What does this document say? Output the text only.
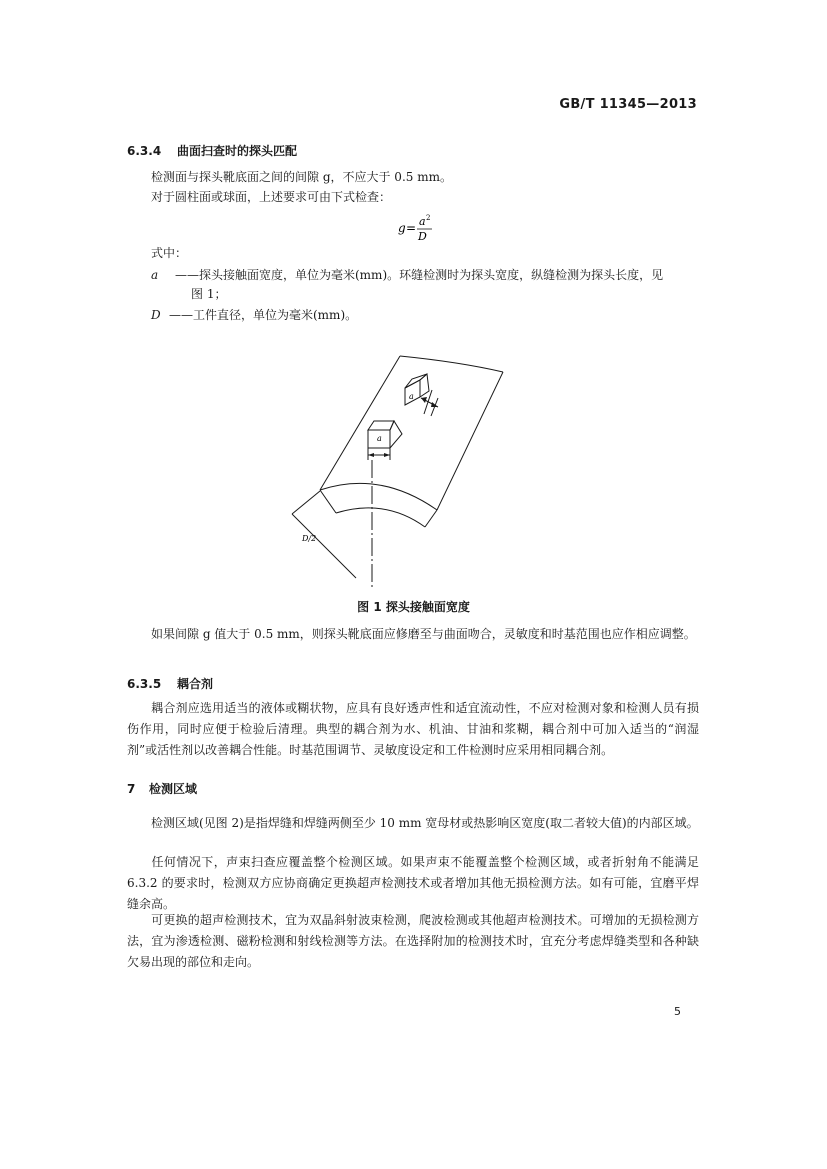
GB/T 11345—2013
6.3.4 曲面扫查时的探头匹配
检测面与探头靴底面之间的间隙 g，不应大于 0.5 mm。
对于圆柱面或球面，上述要求可由下式检查：
g = a 2
D
式中：
a ——探头接触面宽度，单位为毫米(mm)。环缝检测时为探头宽度，纵缝检测为探头长度，见
图 1；
D ——工件直径，单位为毫米(mm)。
a
a
D/2
图 1 探头接触面宽度
如果间隙 g 值大于 0.5 mm，则探头靴底面应修磨至与曲面吻合，灵敏度和时基范围也应作相应调整。
6.3.5 耦合剂
耦合剂应选用适当的液体或糊状物，应具有良好透声性和适宜流动性，不应对检测对象和检测人员有损伤作用，同时应便于检验后清理。典型的耦合剂为水、机油、甘油和浆糊，耦合剂中可加入适当的“润湿剂”或活性剂以改善耦合性能。时基范围调节、灵敏度设定和工件检测时应采用相同耦合剂。
7 检测区域
检测区域(见图 2)是指焊缝和焊缝两侧至少 10 mm 宽母材或热影响区宽度(取二者较大值)的内部区域。
任何情况下，声束扫查应覆盖整个检测区域。如果声束不能覆盖整个检测区域，或者折射角不能满足 6.3.2 的要求时，检测双方应协商确定更换超声检测技术或者增加其他无损检测方法。如有可能，宜磨平焊缝余高。
可更换的超声检测技术，宜为双晶斜射波束检测，爬波检测或其他超声检测技术。可增加的无损检测方法，宜为渗透检测、磁粉检测和射线检测等方法。在选择附加的检测技术时，宜充分考虑焊缝类型和各种缺欠易出现的部位和走向。
5
